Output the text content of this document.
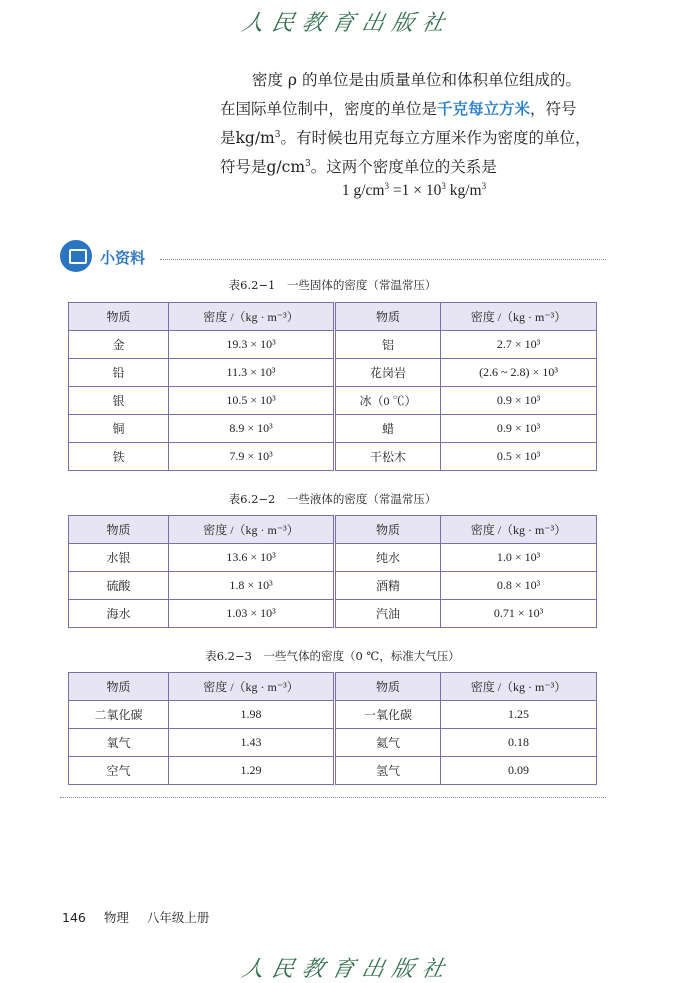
人民教育出版社
密度 ρ 的单位是由质量单位和体积单位组成的。
在国际单位制中，密度的单位是千克每立方米，符号
是$kg/m^3$。有时候也用克每立方厘米作为密度的单位，
符号是$g/cm^3$。这两个密度单位的关系是
1 $g/cm^3 =1 \times 10^3$ $kg/m^3$
小资料
表6.2−1　一些固体的密度（常温常压）
物质	密度 /（kg · m⁻³）	物质	密度 /（kg · m⁻³）
金	19.3 × 10³	铝	2.7 × 10³
铅	11.3 × 10³	花岗岩	(2.6 ~ 2.8) × 10³
银	10.5 × 10³	冰（0 ℃）	0.9 × 10³
铜	8.9 × 10³	蜡	0.9 × 10³
铁	7.9 × 10³	干松木	0.5 × 10³
表6.2−2　一些液体的密度（常温常压）
物质	密度 /（kg · m⁻³）	物质	密度 /（kg · m⁻³）
水银	13.6 × 10³	纯水	1.0 × 10³
硫酸	1.8 × 10³	酒精	0.8 × 10³
海水	1.03 × 10³	汽油	0.71 × 10³
表6.2−3　一些气体的密度（0 ℃，标准大气压）
物质	密度 /（kg · m⁻³）	物质	密度 /（kg · m⁻³）
二氧化碳	1.98	一氧化碳	1.25
氧气	1.43	氦气	0.18
空气	1.29	氢气	0.09
146 物理 八年级上册
人民教育出版社
